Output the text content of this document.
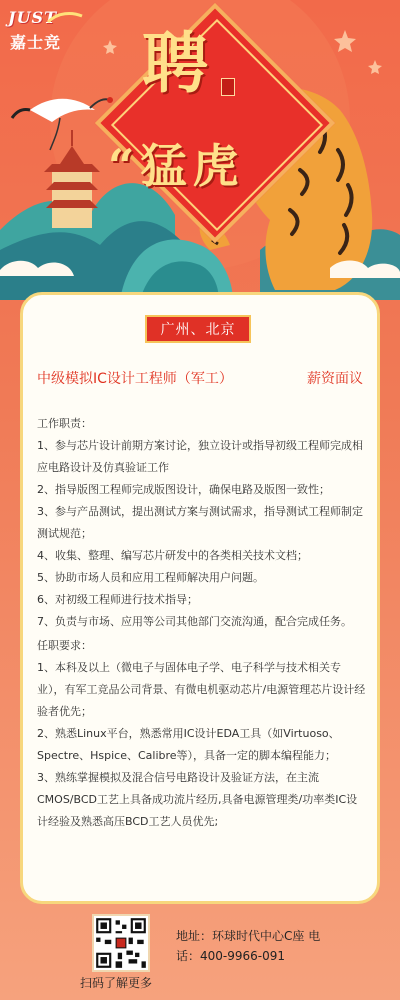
聘
“猛虎
JUST
嘉士竞
广州、北京
中级模拟IC设计工程师（军工）	薪资面议

工作职责：

1、参与芯片设计前期方案讨论，独立设计或指导初级工程师完成相应电路设计及仿真验证工作

2、指导版图工程师完成版图设计，确保电路及版图一致性；

3、参与产品测试，提出测试方案与测试需求，指导测试工程师制定测试规范；

4、收集、整理、编写芯片研发中的各类相关技术文档；

5、协助市场人员和应用工程师解决用户问题。

6、对初级工程师进行技术指导；

7、负责与市场、应用等公司其他部门交流沟通，配合完成任务。

任职要求：

1、本科及以上（微电子与固体电子学、电子科学与技术相关专业），有军工竞品公司背景、有微电机驱动芯片/电源管理芯片设计经验者优先；

2、熟悉Linux平台，熟悉常用IC设计EDA工具（如Virtuoso、Spectre、Hspice、Calibre等），具备一定的脚本编程能力；

3、熟练掌握模拟及混合信号电路设计及验证方法，在主流CMOS/BCD工艺上具备成功流片经历,具备电源管理类/功率类IC设计经验及熟悉高压BCD工艺人员优先;

扫码了解更多
地址：环球时代中心C座 电
话：400-9966-091
